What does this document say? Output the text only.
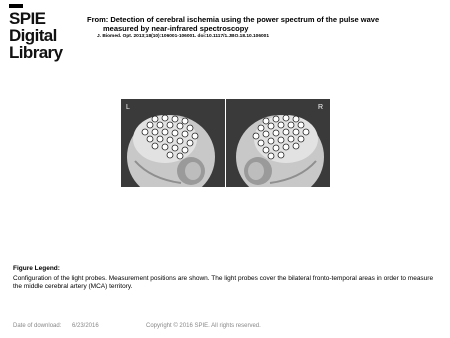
SPIE
Digital
Library
From: Detection of cerebral ischemia using the power spectrum of the pulse wave
measured by near-infrared spectroscopy
J. Biomed. Opt. 2013;18(10):106001-106001. doi:10.1117/1.JBO.18.10.106001
L	R
Figure Legend:
Configuration of the light probes. Measurement positions are shown. The light probes cover the bilateral fronto-temporal areas in order to measure the middle cerebral artery (MCA) territory.
Date of download: 6/23/2016	Copyright © 2016 SPIE. All rights reserved.
